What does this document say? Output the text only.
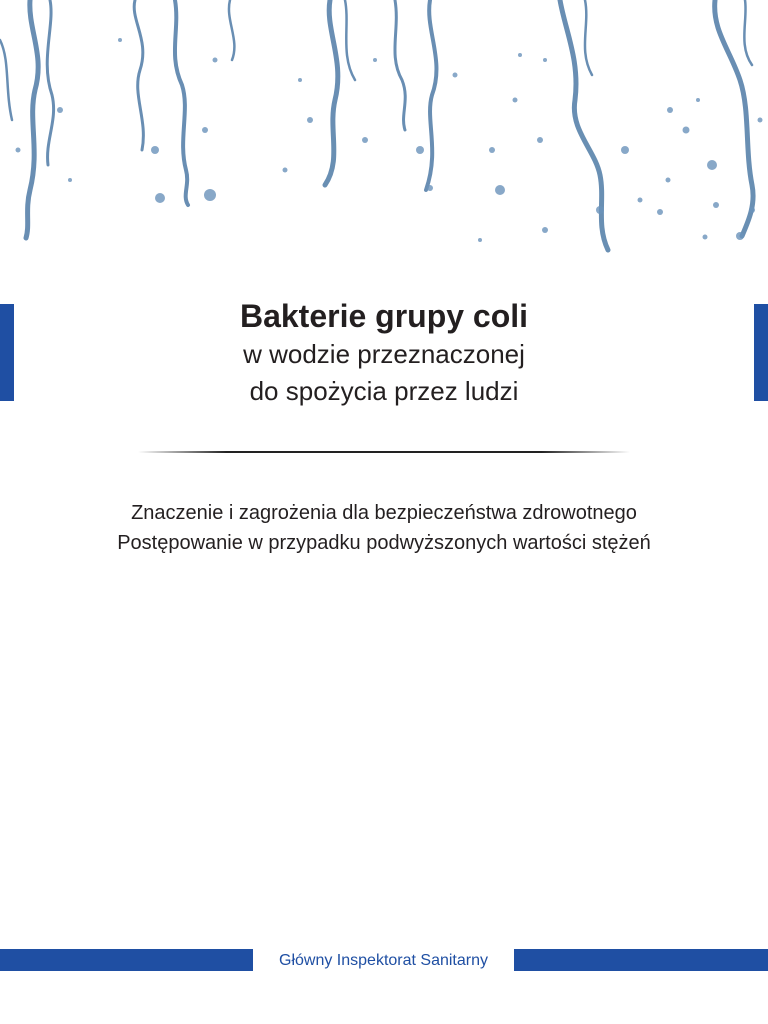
Bakterie grupy coli
w wodzie przeznaczonej
do spożycia przez ludzi
Znaczenie i zagrożenia dla bezpieczeństwa zdrowotnego
Postępowanie w przypadku podwyższonych wartości stężeń
Główny Inspektorat Sanitarny
